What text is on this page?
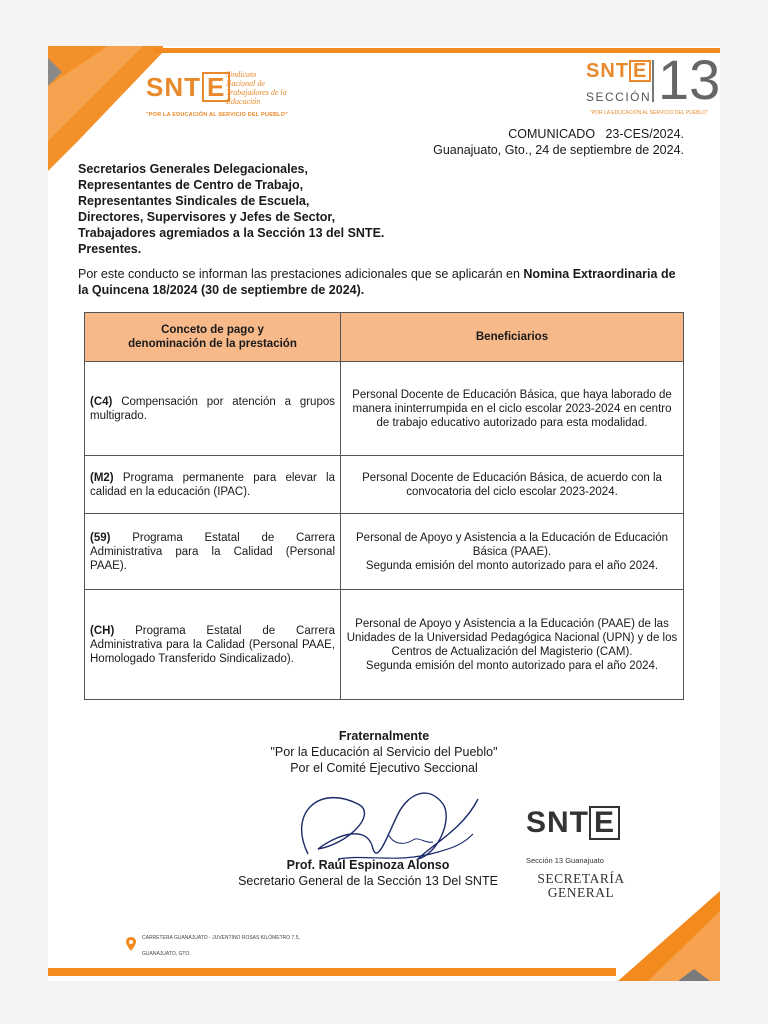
SNT E Sindicato
Nacional de
Trabajadores de la
Educación
"POR LA EDUCACIÓN AL SERVICIO DEL PUEBLO"
SNT E
SECCIÓN 13
"POR LA EDUCACIÓN AL SERVICIO DEL PUEBLO"
COMUNICADO   23-CES/2024.
Guanajuato, Gto., 24 de septiembre de 2024.
Secretarios Generales Delegacionales,
Representantes de Centro de Trabajo,
Representantes Sindicales de Escuela,
Directores, Supervisores y Jefes de Sector,
Trabajadores agremiados a la Sección 13 del SNTE.
Presentes.
Por este conducto se informan las prestaciones adicionales que se aplicarán en Nomina Extraordinaria de la Quincena 18/2024 (30 de septiembre de 2024).
Conceto de pago y denominación de la prestación	Beneficiarios
(C4) Compensación por atención a grupos multigrado.	Personal Docente de Educación Básica, que haya laborado de manera ininterrumpida en el ciclo escolar 2023-2024 en centro de trabajo educativo autorizado para esta modalidad.
(M2) Programa permanente para elevar la calidad en la educación (IPAC).	Personal Docente de Educación Básica, de acuerdo con la convocatoria del ciclo escolar 2023-2024.
(59) Programa Estatal de Carrera Administrativa para la Calidad (Personal PAAE).	Personal de Apoyo y Asistencia a la Educación de Educación Básica (PAAE).
Segunda emisión del monto autorizado para el año 2024.

(CH) Programa Estatal de Carrera Administrativa para la Calidad (Personal PAAE, Homologado Transferido Sindicalizado).	Personal de Apoyo y Asistencia a la Educación (PAAE) de las Unidades de la Universidad Pedagógica Nacional (UPN) y de los Centros de Actualización del Magisterio (CAM).
Segunda emisión del monto autorizado para el año 2024.
Fraternalmente
"Por la Educación al Servicio del Pueblo"
Por el Comité Ejecutivo Seccional
Prof. Raúl Espinoza Alonso
Secretario General de la Sección 13 Del SNTE
SNT E
Sección 13 Guanajuato
SECRETARÍA
GENERAL
CARRETERA GUANAJUATO - JUVENTINO ROSAS KILÓMETRO 7.5,
GUANAJUATO, GTO.
